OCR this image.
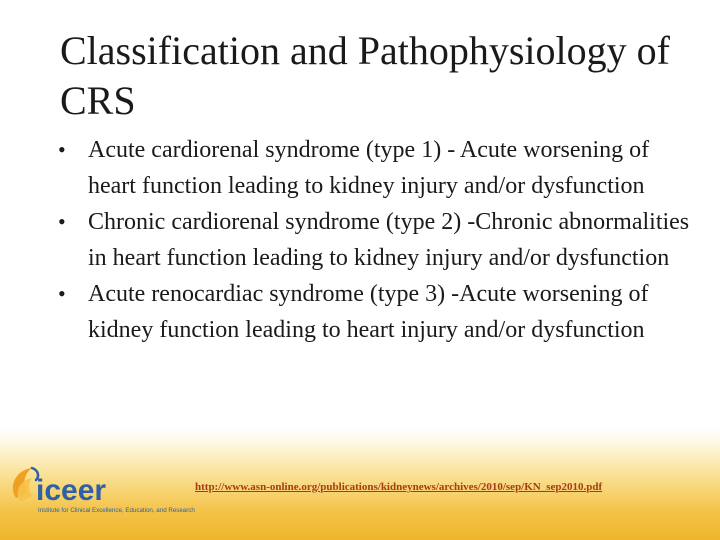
Classification and Pathophysiology of CRS
• Acute cardiorenal syndrome (type 1) - Acute worsening of heart function leading to kidney injury and/or dysfunction
• Chronic cardiorenal syndrome (type 2) -Chronic abnormalities in heart function leading to kidney injury and/or dysfunction
• Acute renocardiac syndrome (type 3) -Acute worsening of kidney function leading to heart injury and/or dysfunction
iceer
Institute for Clinical Excellence, Education, and Research
http://www.asn-online.org/publications/kidneynews/archives/2010/sep/KN_sep2010.pdf
